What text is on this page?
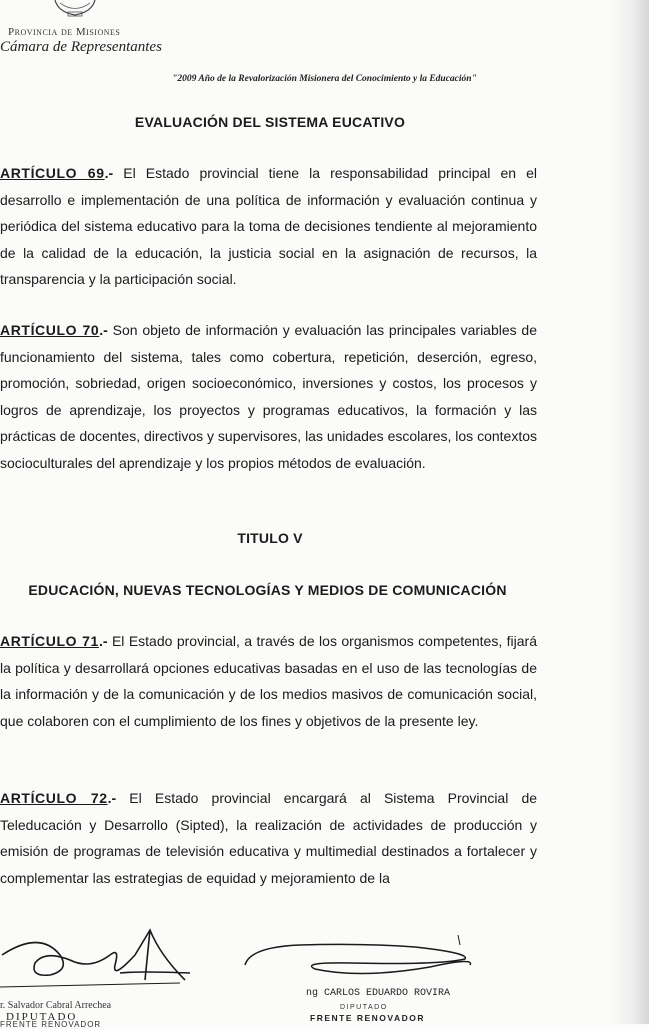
Provincia de Misiones
Cámara de Representantes
"2009 Año de la Revalorización Misionera del Conocimiento y la Educación"
EVALUACIÓN DEL SISTEMA EUCATIVO
ARTÍCULO 69.- El Estado provincial tiene la responsabilidad principal en el desarrollo e implementación de una política de información y evaluación continua y periódica del sistema educativo para la toma de decisiones tendiente al mejoramiento de la calidad de la educación, la justicia social en la asignación de recursos, la transparencia y la participación social.
ARTÍCULO 70.- Son objeto de información y evaluación las principales variables de funcionamiento del sistema, tales como cobertura, repetición, deserción, egreso, promoción, sobriedad, origen socioeconómico, inversiones y costos, los procesos y logros de aprendizaje, los proyectos y programas educativos, la formación y las prácticas de docentes, directivos y supervisores, las unidades escolares, los contextos socioculturales del aprendizaje y los propios métodos de evaluación.
TITULO V
EDUCACIÓN, NUEVAS TECNOLOGÍAS Y MEDIOS DE COMUNICACIÓN
ARTÍCULO 71.- El Estado provincial, a través de los organismos competentes, fijará la política y desarrollará opciones educativas basadas en el uso de las tecnologías de la información y de la comunicación y de los medios masivos de comunicación social, que colaboren con el cumplimiento de los fines y objetivos de la presente ley.
ARTÍCULO 72.- El Estado provincial encargará al Sistema Provincial de Teleducación y Desarrollo (Sipted), la realización de actividades de producción y emisión de programas de televisión educativa y multimedial destinados a fortalecer y complementar las estrategias de equidad y mejoramiento de la
r. Salvador Cabral Arrechea
DIPUTADO
FRENTE RENOVADOR
ng CARLOS EDUARDO ROVIRA
DIPUTADO
FRENTE RENOVADOR
